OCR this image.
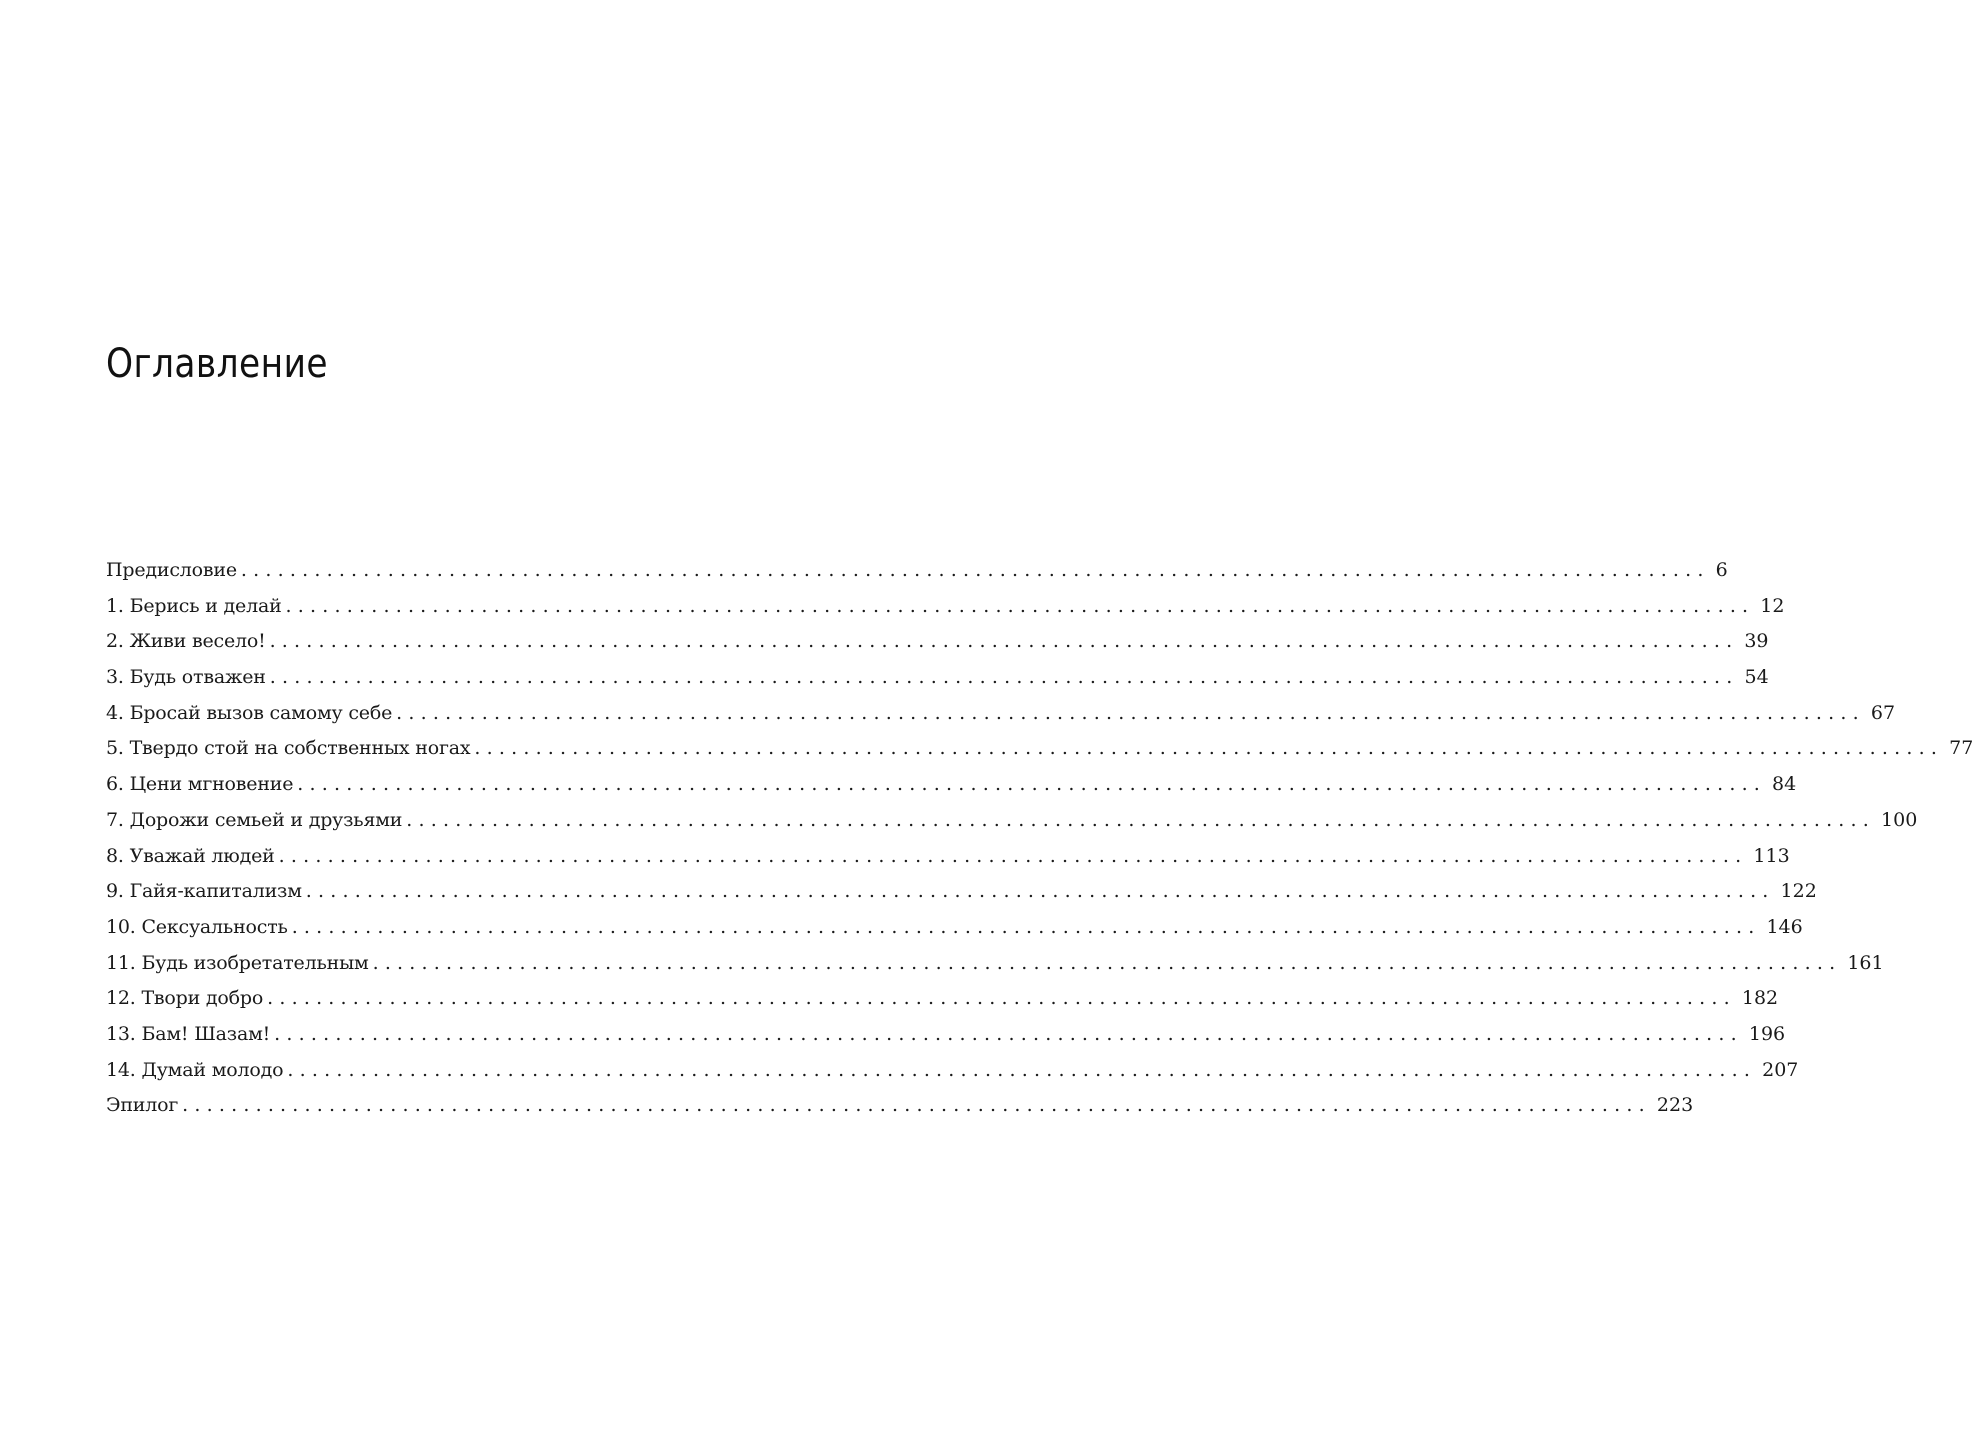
Оглавление
Предисловие ........................................................................................................................ 6
1. Берись и делай ........................................................................................................................ 12
2. Живи весело! ........................................................................................................................ 39
3. Будь отважен ........................................................................................................................ 54
4. Бросай вызов самому себе ........................................................................................................................ 67
5. Твердо стой на собственных ногах ........................................................................................................................ 77
6. Цени мгновение ........................................................................................................................ 84
7. Дорожи семьей и друзьями ........................................................................................................................ 100
8. Уважай людей ........................................................................................................................ 113
9. Гайя-капитализм ........................................................................................................................ 122
10. Сексуальность ........................................................................................................................ 146
11. Будь изобретательным ........................................................................................................................ 161
12. Твори добро ........................................................................................................................ 182
13. Бам! Шазам! ........................................................................................................................ 196
14. Думай молодо ........................................................................................................................ 207
Эпилог ........................................................................................................................ 223
